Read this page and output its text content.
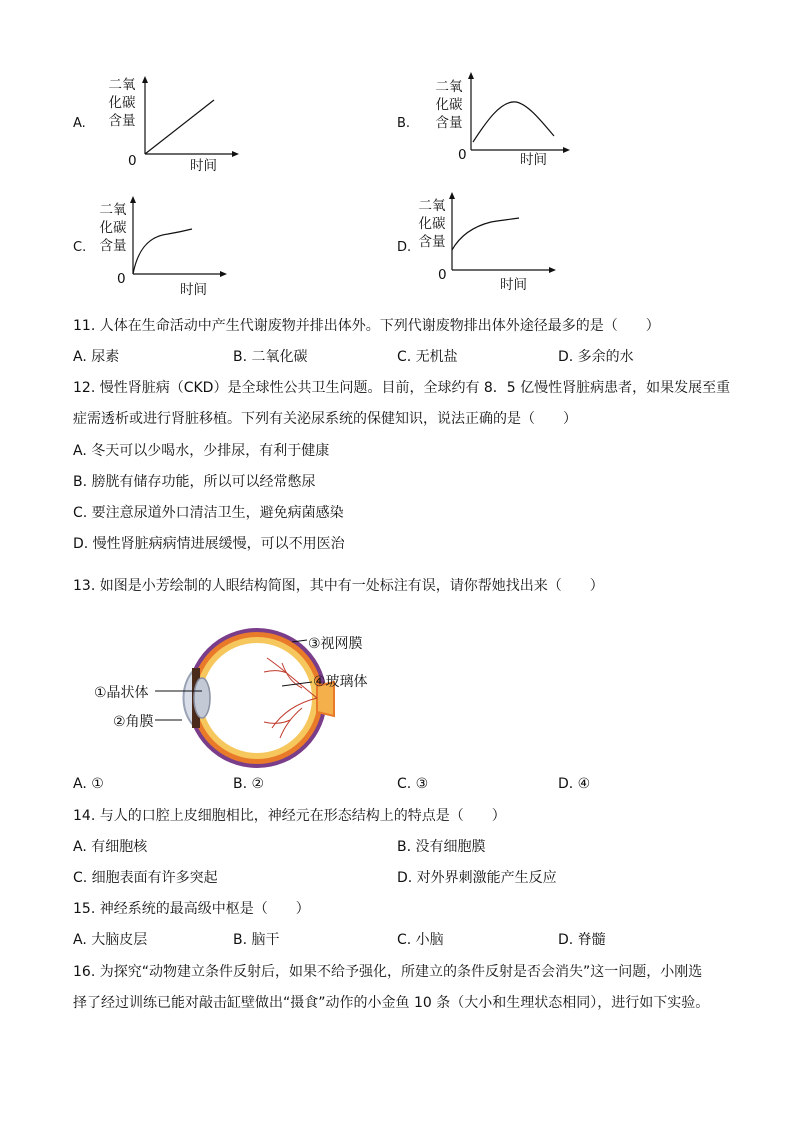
A.
二氧
化碳
含量
0	时间
B.
二氧
化碳
含量
0	时间
C.
二氧
化碳
含量
0
时间
D.
二氧
化碳
含量
0
时间
11. 人体在生命活动中产生代谢废物并排出体外。下列代谢废物排出体外途径最多的是（　　）
A. 尿素	B. 二氧化碳	C. 无机盐	D. 多余的水
12. 慢性肾脏病（CKD）是全球性公共卫生问题。目前，全球约有 8．5 亿慢性肾脏病患者，如果发展至重
症需透析或进行肾脏移植。下列有关泌尿系统的保健知识，说法正确的是（　　）
A. 冬天可以少喝水，少排尿，有利于健康
B. 膀胱有储存功能，所以可以经常憋尿
C. 要注意尿道外口清洁卫生，避免病菌感染
D. 慢性肾脏病病情进展缓慢，可以不用医治
13. 如图是小芳绘制的人眼结构简图，其中有一处标注有误，请你帮她找出来（　　）
③视网膜
④玻璃体
①晶状体
②角膜
A. ①	B. ②	C. ③	D. ④
14. 与人的口腔上皮细胞相比，神经元在形态结构上的特点是（　　）
A. 有细胞核	B. 没有细胞膜
C. 细胞表面有许多突起	D. 对外界刺激能产生反应
15. 神经系统的最高级中枢是（　　）
A. 大脑皮层	B. 脑干	C. 小脑	D. 脊髓
16. 为探究“动物建立条件反射后，如果不给予强化，所建立的条件反射是否会消失”这一问题，小刚选
择了经过训练已能对敲击缸壁做出“摄食”动作的小金鱼 10 条（大小和生理状态相同），进行如下实验。
